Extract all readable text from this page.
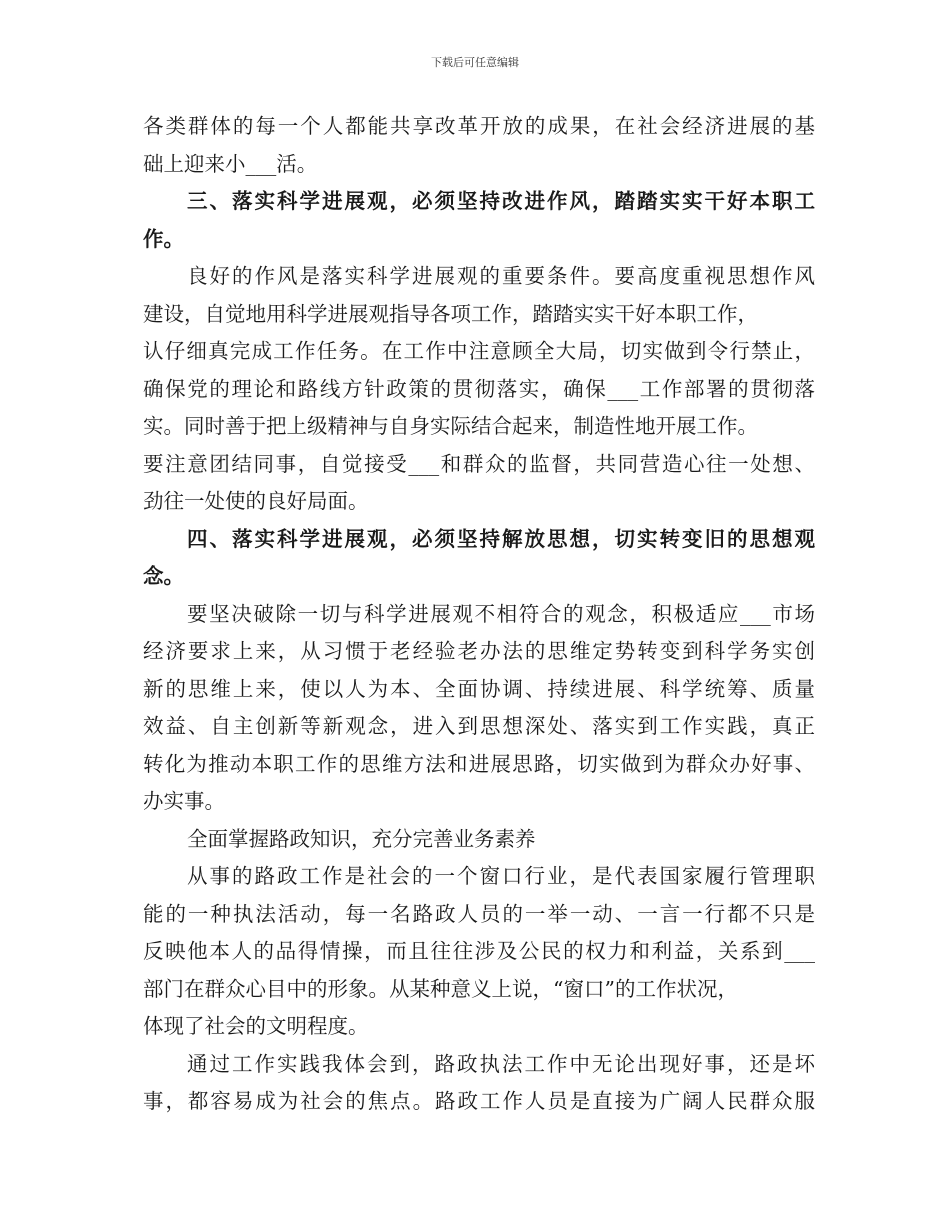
下载后可任意编辑
各类群体的每一个人都能共享改革开放的成果，在社会经济进展的基
础上迎来小___活。
三、落实科学进展观，必须坚持改进作风，踏踏实实干好本职工
作。
良好的作风是落实科学进展观的重要条件。要高度重视思想作风
建设，自觉地用科学进展观指导各项工作，踏踏实实干好本职工作，
认仔细真完成工作任务。在工作中注意顾全大局，切实做到令行禁止，
确保党的理论和路线方针政策的贯彻落实，确保___工作部署的贯彻落
实。同时善于把上级精神与自身实际结合起来，制造性地开展工作。
要注意团结同事，自觉接受___和群众的监督，共同营造心往一处想、
劲往一处使的良好局面。
四、落实科学进展观，必须坚持解放思想，切实转变旧的思想观
念。
要坚决破除一切与科学进展观不相符合的观念，积极适应___市场
经济要求上来，从习惯于老经验老办法的思维定势转变到科学务实创
新的思维上来，使以人为本、全面协调、持续进展、科学统筹、质量
效益、自主创新等新观念，进入到思想深处、落实到工作实践，真正
转化为推动本职工作的思维方法和进展思路，切实做到为群众办好事、
办实事。
全面掌握路政知识，充分完善业务素养
从事的路政工作是社会的一个窗口行业，是代表国家履行管理职
能的一种执法活动，每一名路政人员的一举一动、一言一行都不只是
反映他本人的品得情操，而且往往涉及公民的权力和利益，关系到___
部门在群众心目中的形象。从某种意义上说，“窗口”的工作状况，
体现了社会的文明程度。
通过工作实践我体会到，路政执法工作中无论出现好事，还是坏
事，都容易成为社会的焦点。路政工作人员是直接为广阔人民群众服
